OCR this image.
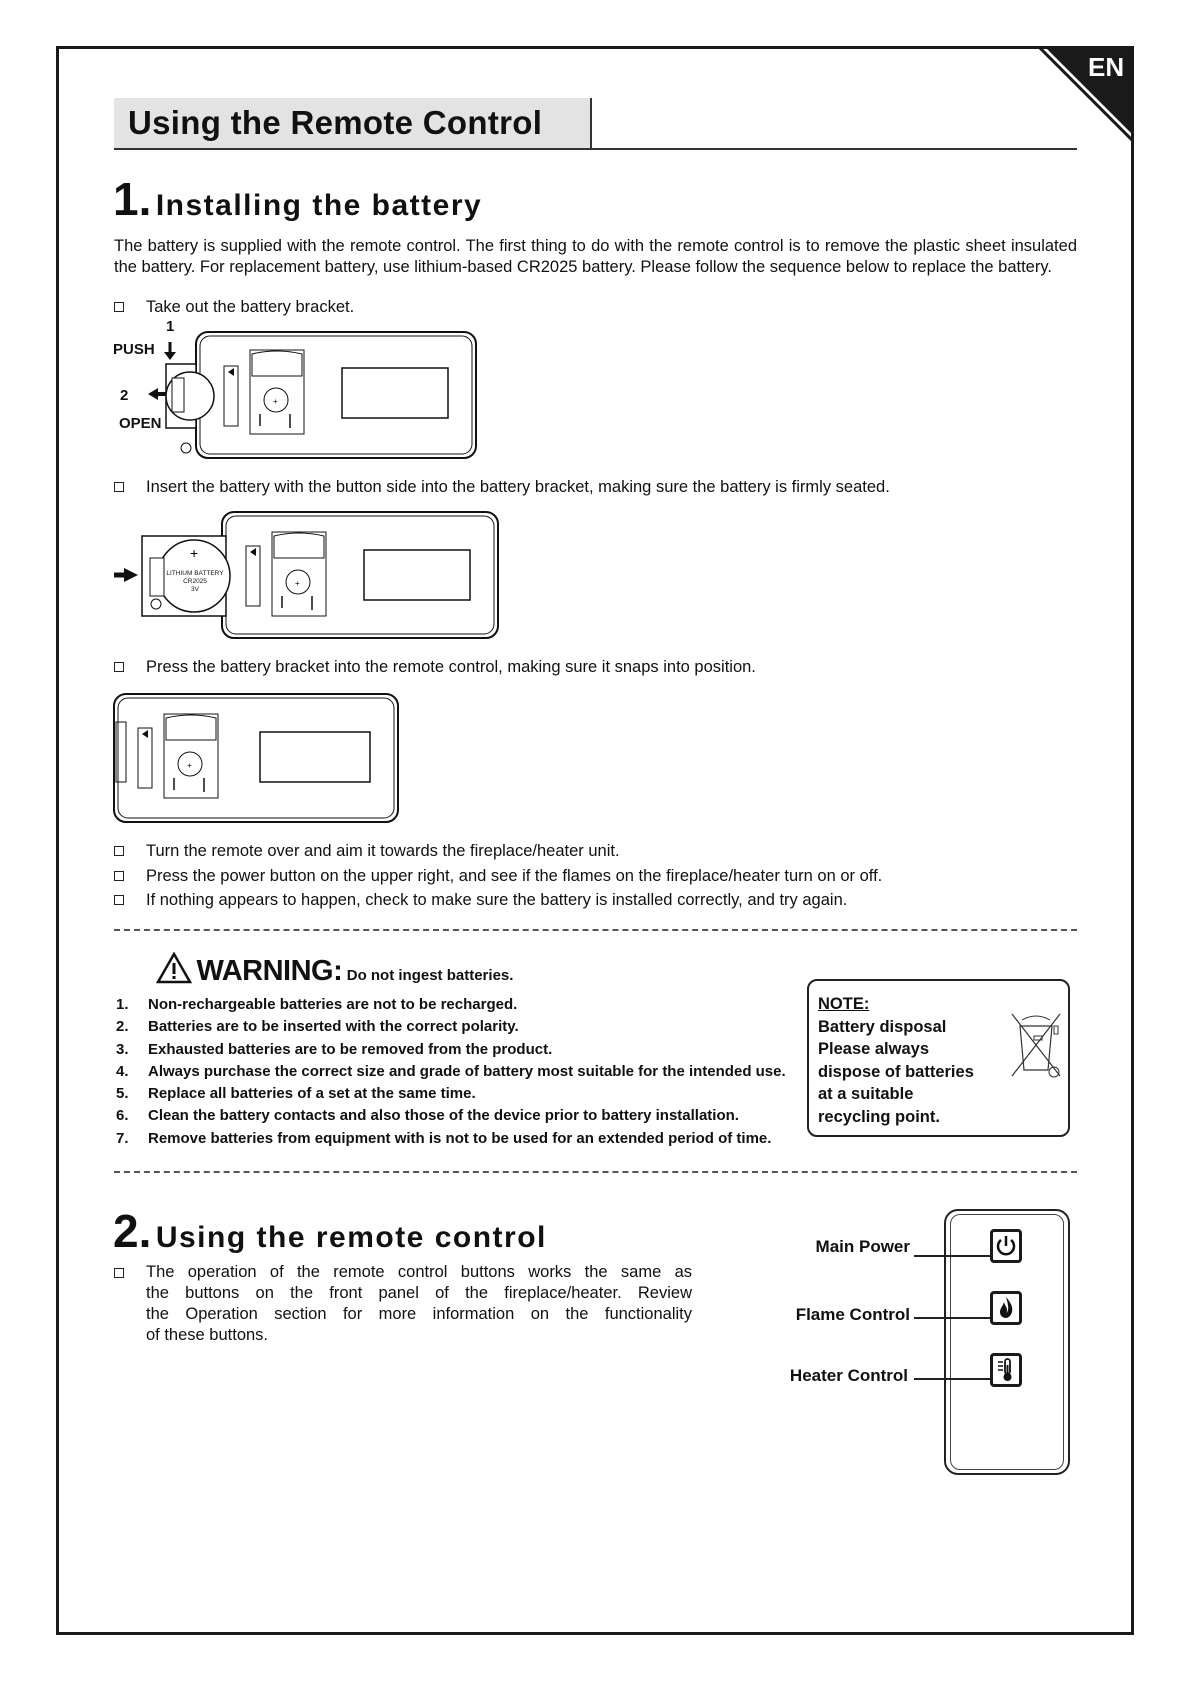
EN
Using the Remote Control
1. Installing the battery
The battery is supplied with the remote control. The first thing to do with the remote control is to remove the plastic sheet insulated the battery. For replacement battery, use lithium-based CR2025 battery. Please follow the sequence below to replace the battery.
Take out the battery bracket.
1
PUSH
2
OPEN
+
Insert the battery with the button side into the battery bracket, making sure the battery is firmly seated.
+
+
LITHIUM BATTERY
CR2025
3V
Press the battery bracket into the remote control, making sure it snaps into position.
+
Turn the remote over and aim it towards the fireplace/heater unit.
Press the power button on the upper right, and see if the flames on the fireplace/heater turn on or off.
If nothing appears to happen, check to make sure the battery is installed correctly, and try again.
WARNING: Do not ingest batteries.
1. Non-rechargeable batteries are not to be recharged.
2. Batteries are to be inserted with the correct polarity.
3. Exhausted batteries are to be removed from the product.
4. Always purchase the correct size and grade of battery most suitable for the intended use.
5. Replace all batteries of a set at the same time.
6. Clean the battery contacts and also those of the device prior to battery installation.
7. Remove batteries from equipment with is not to be used for an extended period of time.
NOTE:
Battery disposal
Please always
dispose of batteries
at a suitable
recycling point.
2. Using the remote control
The operation of the remote control buttons works the same as
the buttons on the front panel of the fireplace/heater. Review
the Operation section for more information on the functionality
of these buttons.
Main Power
Flame Control
Heater Control
